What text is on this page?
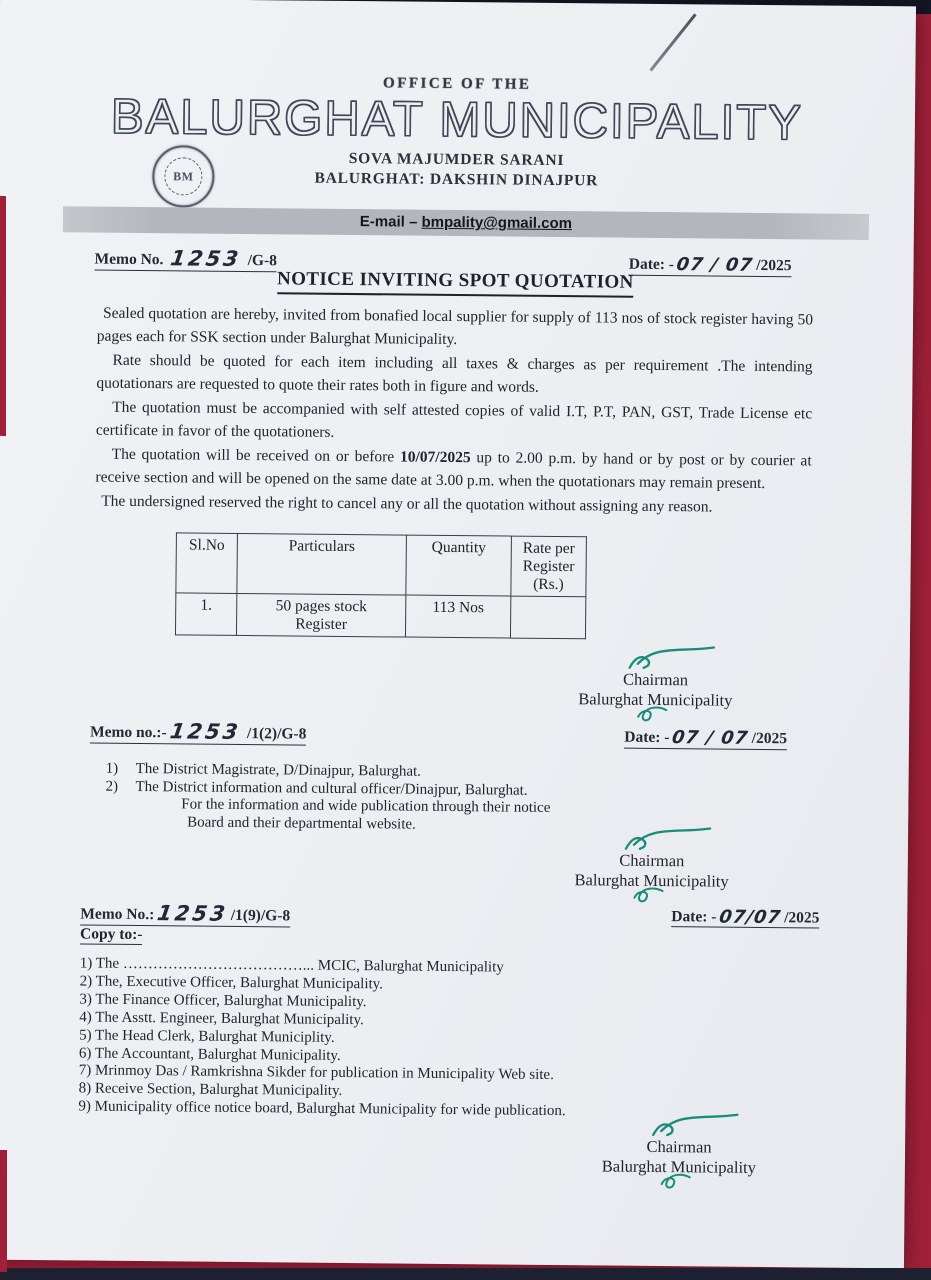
OFFICE OF THE
BALURGHAT MUNICIPALITY
BM
SOVA MAJUMDER SARANI
BALURGHAT: DAKSHIN DINAJPUR
E-mail – bmpality@gmail.com
Memo No. 1253 /G-8	Date: -07 / 07/2025
NOTICE INVITING SPOT QUOTATION

Sealed quotation are hereby, invited from bonafied local supplier for supply of 113 nos of stock register having 50 pages each for SSK section under Balurghat Municipality.

Rate should be quoted for each item including all taxes & charges as per requirement .The intending quotationars are requested to quote their rates both in figure and words.

The quotation must be accompanied with self attested copies of valid I.T, P.T, PAN, GST, Trade License etc certificate in favor of the quotationers.

The quotation will be received on or before 10/07/2025 up to 2.00 p.m. by hand or by post or by courier at receive section and will be opened on the same date at 3.00 p.m. when the quotationars may remain present.

The undersigned reserved the right to cancel any or all the quotation without assigning any reason.

Sl.No	Particulars	Quantity	Rate per Register (Rs.)
1.	50 pages stock Register	113 Nos	
Chairman
Balurghat Municipality
Memo no.:-1253 /1(2)/G-8	Date: -07 / 07/2025
1)	The District Magistrate, D/Dinajpur, Balurghat.
2)	The District information and cultural officer/Dinajpur, Balurghat.
For the information and wide publication through their notice
Board and their departmental website.
Chairman
Balurghat Municipality
Memo No.:1253/1(9)/G-8
Copy to:-
Date: -07/07/2025
1) The ………………………………... MCIC, Balurghat Municipality
2) The, Executive Officer, Balurghat Municipality.
3) The Finance Officer, Balurghat Municipality.
4) The Asstt. Engineer, Balurghat Municipality.
5) The Head Clerk, Balurghat Municiplity.
6) The Accountant, Balurghat Municipality.
7) Mrinmoy Das / Ramkrishna Sikder for publication in Municipality Web site.
8) Receive Section, Balurghat Municipality.
9) Municipality office notice board, Balurghat Municipality for wide publication.
Chairman
Balurghat Municipality
